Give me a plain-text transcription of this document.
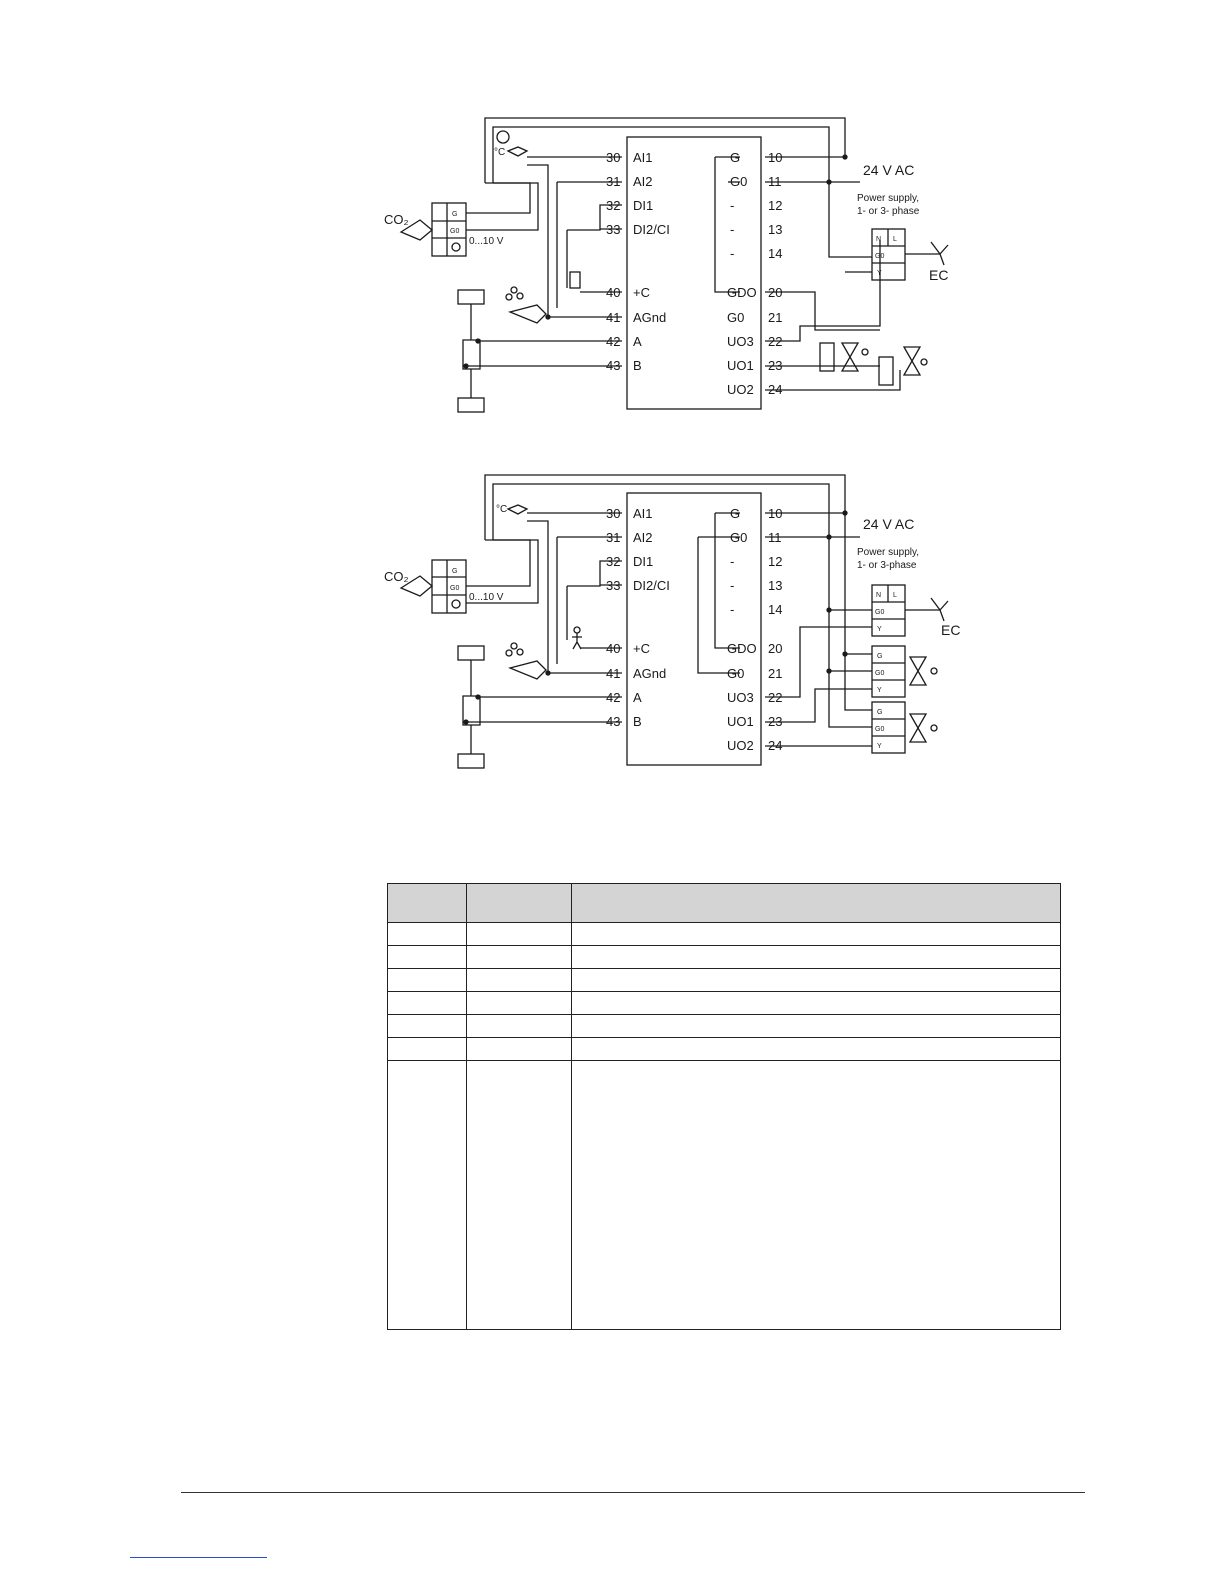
30 AI1
31 AI2
32 DI1
33 DI2/CI
40 +C
41 AGnd
42 A
43 B
G 10
G0 11
-	12
-	13
-	14
GDO 20
G0 21
UO3 22
UO1 23
UO2 24
24 V AC
Power supply,
1- or 3- phase
CO₂
0...10 V
°C
EC
G
G0
N L
G0
Y
30 AI1
31 AI2
32 DI1
33 DI2/CI
40 +C
41 AGnd
42 A
43 B
G 10
G0 11
-	12
-	13
-	14
GDO 20
G0 21
UO3 22
UO1 23
UO2 24
24 V AC
Power supply,
1- or 3-phase
CO₂
0...10 V
°C
EC
G
G0
N L
G0
Y
G
G0
Y
G
G0
Y
